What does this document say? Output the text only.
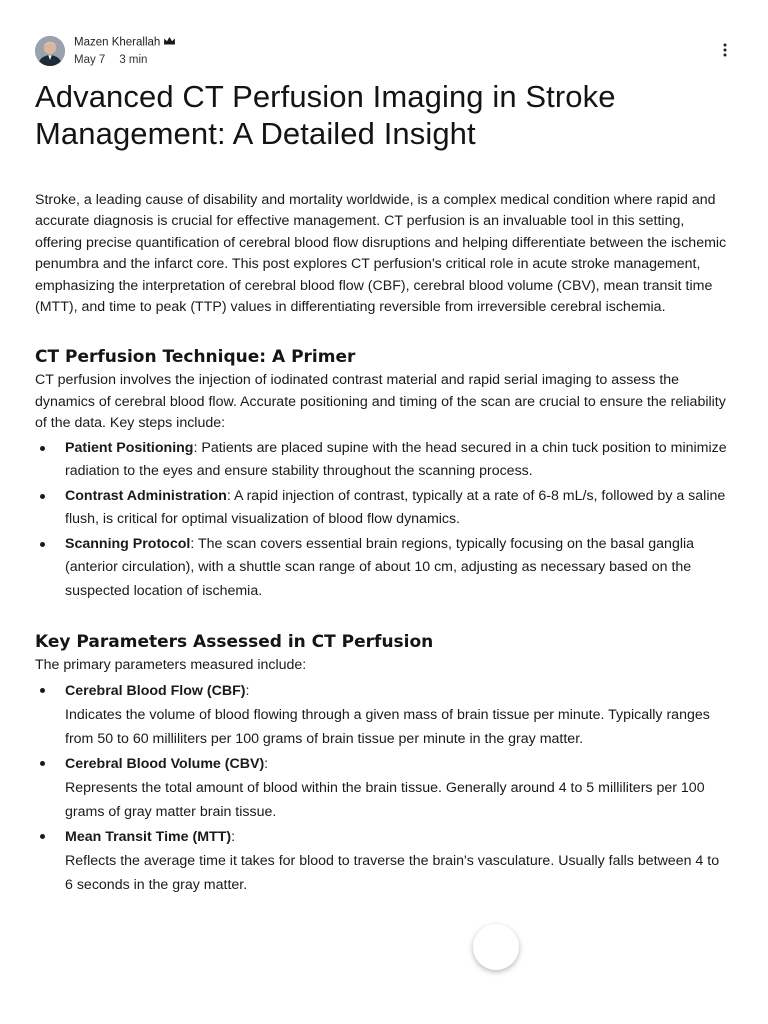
Mazen Kherallah
May 7 3 min
Advanced CT Perfusion Imaging in Stroke Management: A Detailed Insight

Stroke, a leading cause of disability and mortality worldwide, is a complex medical condition where rapid and accurate diagnosis is crucial for effective management. CT perfusion is an invaluable tool in this setting, offering precise quantification of cerebral blood flow disruptions and helping differentiate between the ischemic penumbra and the infarct core. This post explores CT perfusion's critical role in acute stroke management, emphasizing the interpretation of cerebral blood flow (CBF), cerebral blood volume (CBV), mean transit time (MTT), and time to peak (TTP) values in differentiating reversible from irreversible cerebral ischemia.

CT Perfusion Technique: A Primer

CT perfusion involves the injection of iodinated contrast material and rapid serial imaging to assess the dynamics of cerebral blood flow. Accurate positioning and timing of the scan are crucial to ensure the reliability of the data. Key steps include:

Patient Positioning: Patients are placed supine with the head secured in a chin tuck position to minimize radiation to the eyes and ensure stability throughout the scanning process.
Contrast Administration: A rapid injection of contrast, typically at a rate of 6-8 mL/s, followed by a saline flush, is critical for optimal visualization of blood flow dynamics.
Scanning Protocol: The scan covers essential brain regions, typically focusing on the basal ganglia (anterior circulation), with a shuttle scan range of about 10 cm, adjusting as necessary based on the suspected location of ischemia.
Key Parameters Assessed in CT Perfusion

The primary parameters measured include:

Cerebral Blood Flow (CBF):
Indicates the volume of blood flowing through a given mass of brain tissue per minute. Typically ranges from 50 to 60 milliliters per 100 grams of brain tissue per minute in the gray matter.
Cerebral Blood Volume (CBV):
Represents the total amount of blood within the brain tissue. Generally around 4 to 5 milliliters per 100 grams of gray matter brain tissue.
Mean Transit Time (MTT):
Reflects the average time it takes for blood to traverse the brain's vasculature. Usually falls between 4 to 6 seconds in the gray matter.
